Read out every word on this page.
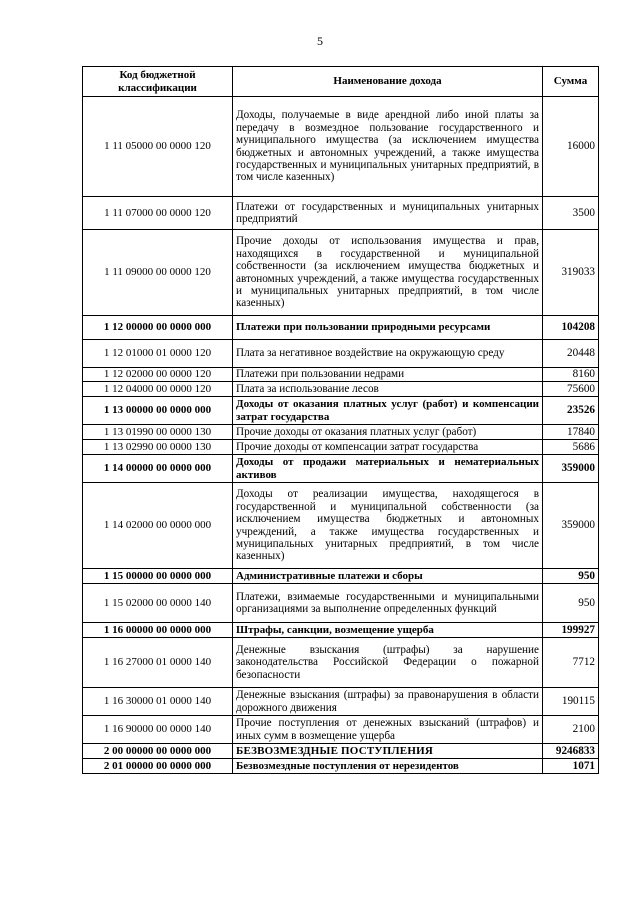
5
Код бюджетной классификации	Наименование дохода	Сумма
1 11 05000 00 0000 120	Доходы, получаемые в виде арендной либо иной платы за передачу в возмездное пользование государственного и муниципального имущества (за исключением имущества бюджетных и автономных учреждений, а также имущества государственных и муниципальных унитарных предприятий, в том числе казенных)	16000
1 11 07000 00 0000 120	Платежи от государственных и муниципальных унитарных предприятий	3500
1 11 09000 00 0000 120	Прочие доходы от использования имущества и прав, находящихся в государственной и муниципальной собственности (за исключением имущества бюджетных и автономных учреждений, а также имущества государственных и муниципальных унитарных предприятий, в том числе казенных)	319033
1 12 00000 00 0000 000	Платежи при пользовании природными ресурсами	104208
1 12 01000 01 0000 120	Плата за негативное воздействие на окружающую среду	20448
1 12 02000 00 0000 120	Платежи при пользовании недрами	8160
1 12 04000 00 0000 120	Плата за использование лесов	75600
1 13 00000 00 0000 000	Доходы от оказания платных услуг (работ) и компенсации затрат государства	23526
1 13 01990 00 0000 130	Прочие доходы от оказания платных услуг (работ)	17840
1 13 02990 00 0000 130	Прочие доходы от компенсации затрат государства	5686
1 14 00000 00 0000 000	Доходы от продажи материальных и нематериальных активов	359000
1 14 02000 00 0000 000	Доходы от реализации имущества, находящегося в государственной и муниципальной собственности (за исключением имущества бюджетных и автономных учреждений, а также имущества государственных и муниципальных унитарных предприятий, в том числе казенных)	359000
1 15 00000 00 0000 000	Административные платежи и сборы	950
1 15 02000 00 0000 140	Платежи, взимаемые государственными и муниципальными организациями за выполнение определенных функций	950
1 16 00000 00 0000 000	Штрафы, санкции, возмещение ущерба	199927
1 16 27000 01 0000 140	Денежные взыскания (штрафы) за нарушение законодательства Российской Федерации о пожарной безопасности	7712
1 16 30000 01 0000 140	Денежные взыскания (штрафы) за правонарушения в области дорожного движения	190115
1 16 90000 00 0000 140	Прочие поступления от денежных взысканий (штрафов) и иных сумм в возмещение ущерба	2100
2 00 00000 00 0000 000	БЕЗВОЗМЕЗДНЫЕ ПОСТУПЛЕНИЯ	9246833
2 01 00000 00 0000 000	Безвозмездные поступления от нерезидентов	1071
